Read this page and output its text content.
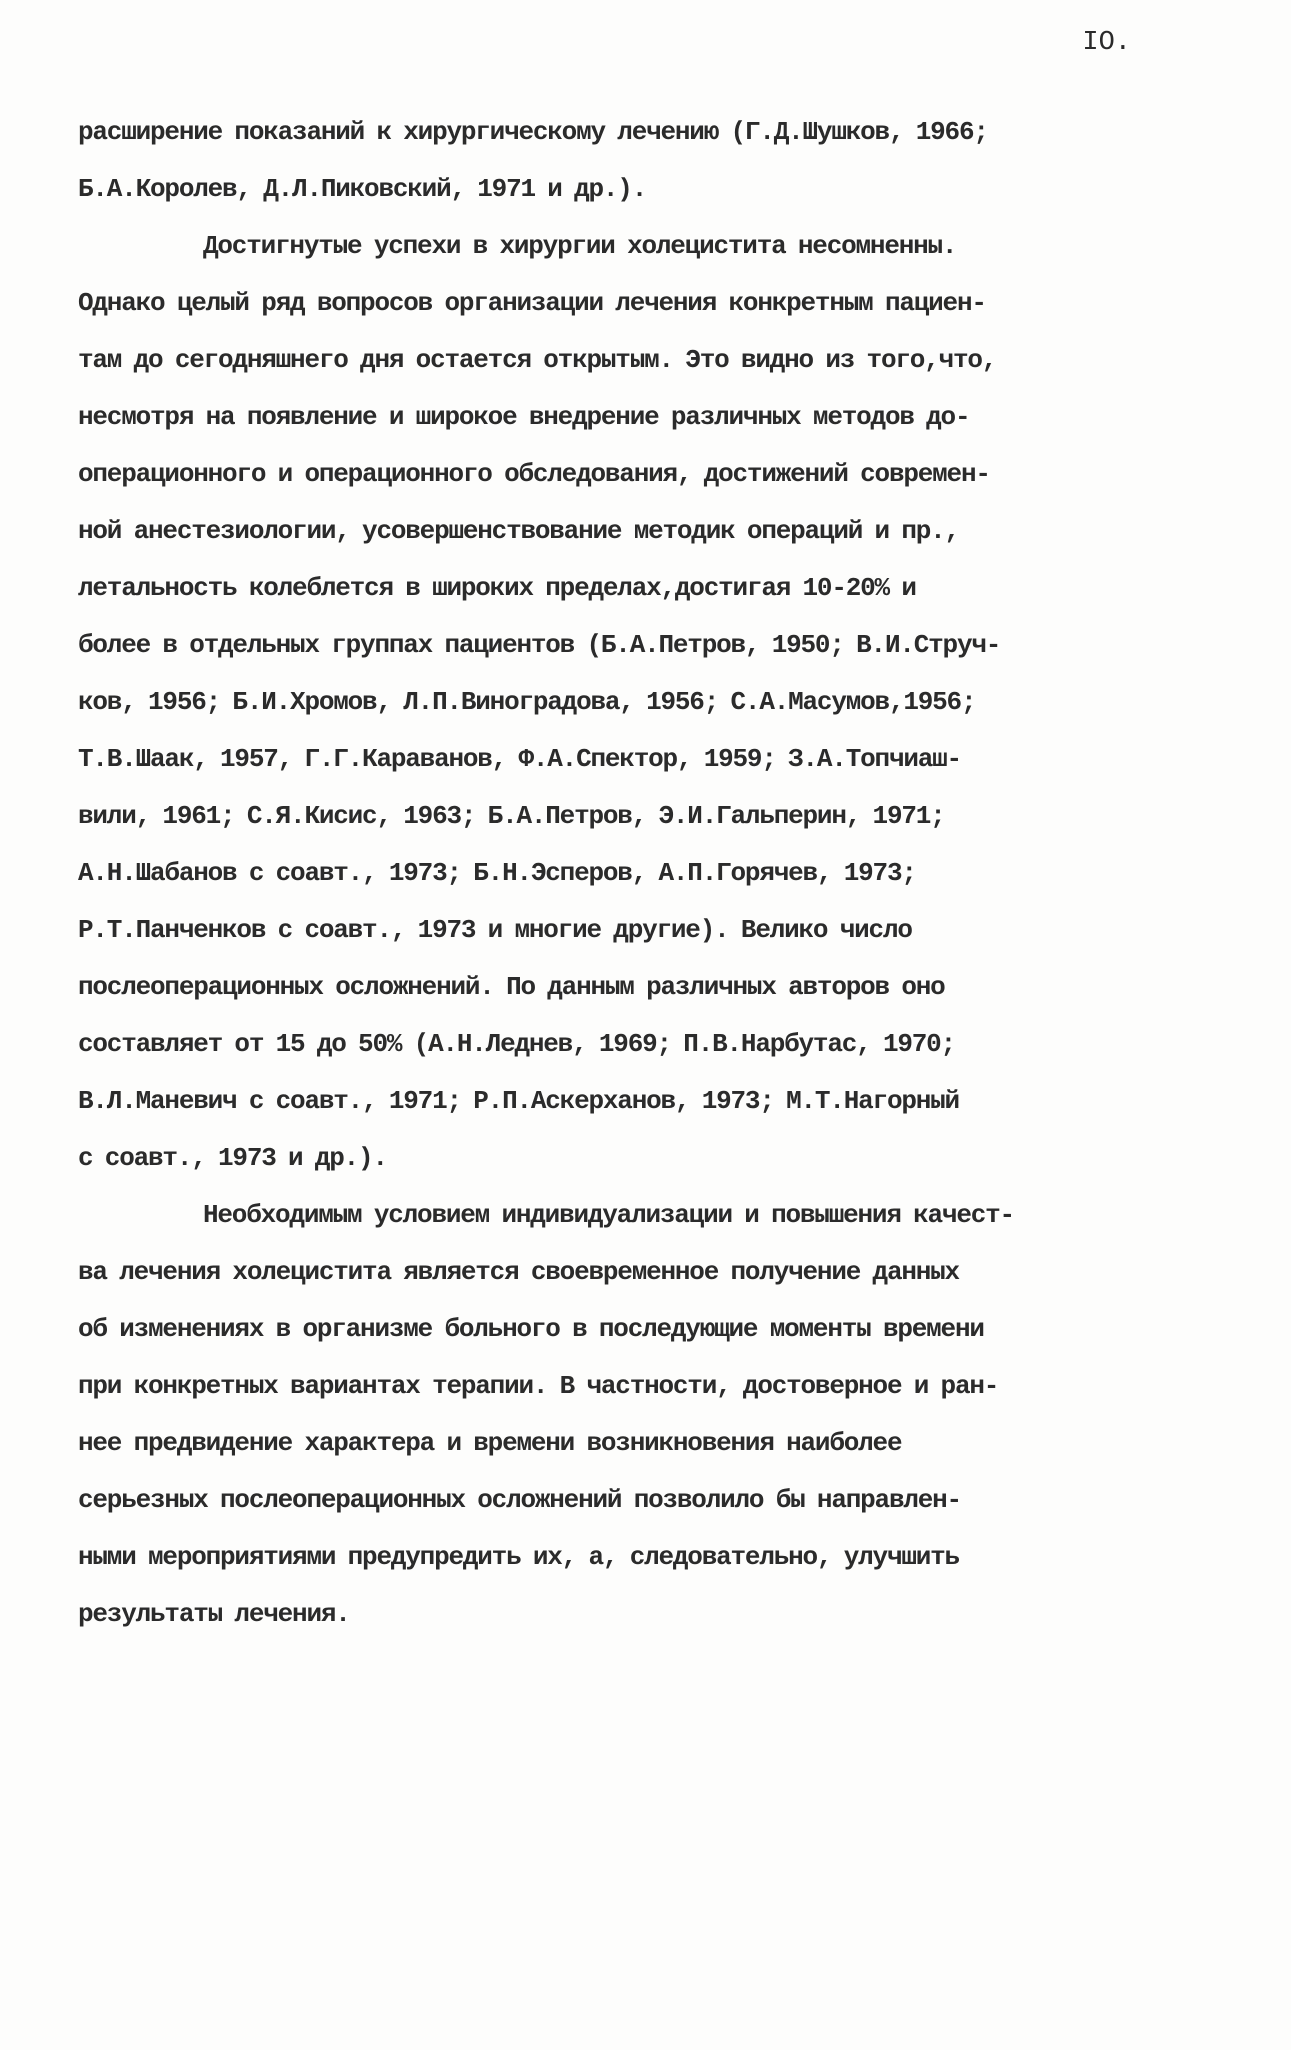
IO.

расширение показаний к хирургическому лечению (Г.Д.Шушков, 1966;
Б.А.Королев, Д.Л.Пиковский, 1971 и др.).
Достигнутые успехи в хирургии холецистита несомненны.
Однако целый ряд вопросов организации лечения конкретным пациен-
там до сегодняшнего дня остается открытым. Это видно из того,что,
несмотря на появление и широкое внедрение различных методов до-
операционного и операционного обследования, достижений современ-
ной анестезиологии, усовершенствование методик операций и пр.,
летальность колеблется в широких пределах,достигая 10-20% и
более в отдельных группах пациентов (Б.А.Петров, 1950; В.И.Струч-
ков, 1956; Б.И.Хромов, Л.П.Виноградова, 1956; С.А.Масумов,1956;
Т.В.Шаак, 1957, Г.Г.Караванов, Ф.А.Спектор, 1959; З.А.Топчиаш-
вили, 1961; С.Я.Кисис, 1963; Б.А.Петров, Э.И.Гальперин, 1971;
А.Н.Шабанов с соавт., 1973; Б.Н.Эсперов, А.П.Горячев, 1973;
Р.Т.Панченков с соавт., 1973 и многие другие). Велико число
послеоперационных осложнений. По данным различных авторов оно
составляет от 15 до 50% (А.Н.Леднев, 1969; П.В.Нарбутас, 1970;
В.Л.Маневич с соавт., 1971; Р.П.Аскерханов, 1973; М.Т.Нагорный
с соавт., 1973 и др.).
Необходимым условием индивидуализации и повышения качест-
ва лечения холецистита является своевременное получение данных
об изменениях в организме больного в последующие моменты времени
при конкретных вариантах терапии. В частности, достоверное и ран-
нее предвидение характера и времени возникновения наиболее
серьезных послеоперационных осложнений позволило бы направлен-
ными мероприятиями предупредить их, а, следовательно, улучшить
результаты лечения.
